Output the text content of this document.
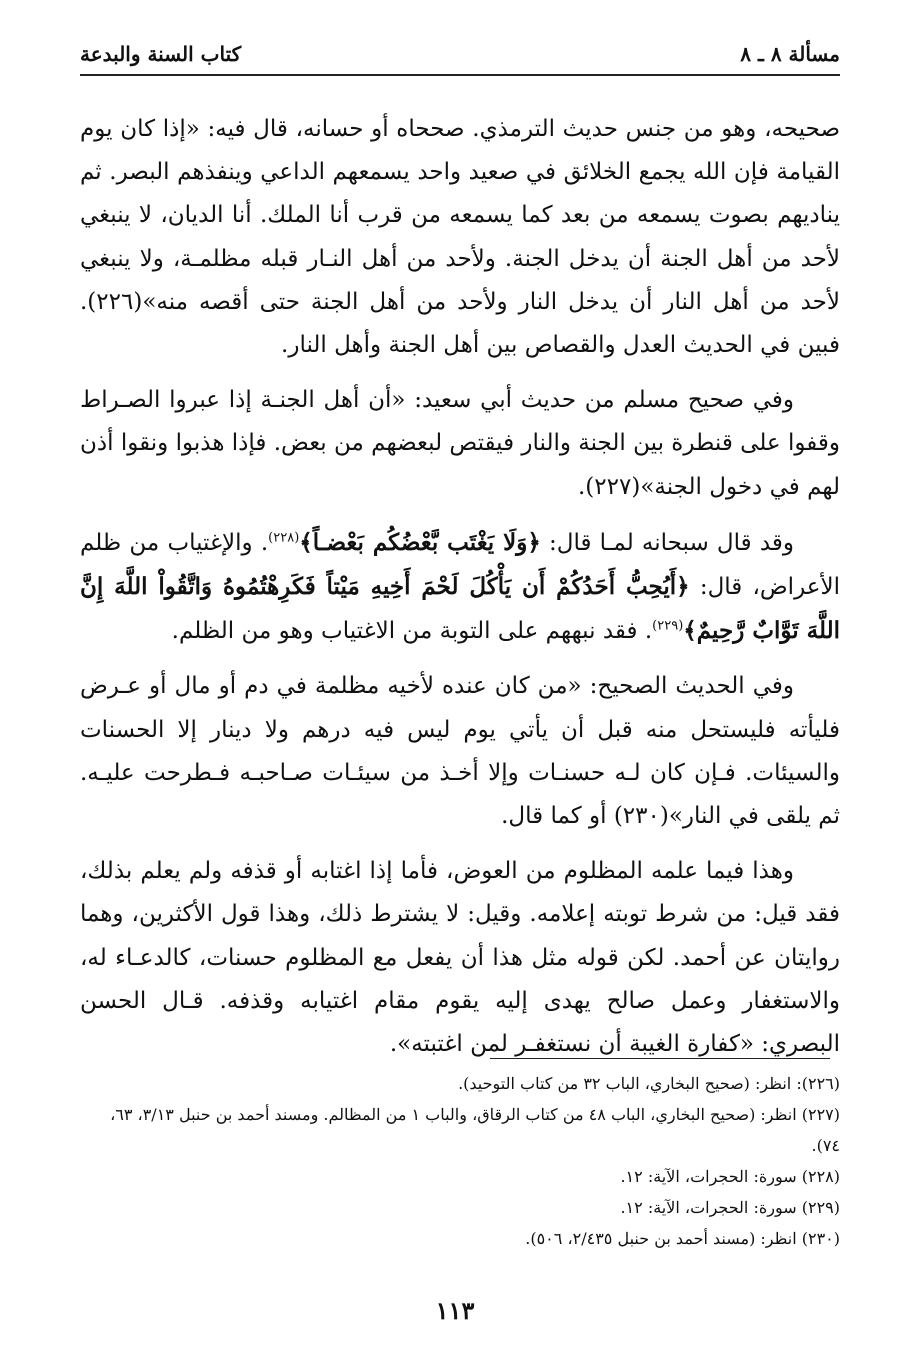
مسألة ٨ ـ ٨
كتاب السنة والبدعة

صحيحه، وهو من جنس حديث الترمذي. صححاه أو حسانه، قال فيه: «إذا كان يوم القيامة فإن الله يجمع الخلائق في صعيد واحد يسمعهم الداعي وينفذهم البصر. ثم يناديهم بصوت يسمعه من بعد كما يسمعه من قرب أنا الملك. أنا الديان، لا ينبغي لأحد من أهل الجنة أن يدخل الجنة. ولأحد من أهل النـار قبله مظلمـة، ولا ينبغي لأحد من أهل النار أن يدخل النار ولأحد من أهل الجنة حتى أقصه منه»(٢٢٦). فبين في الحديث العدل والقصاص بين أهل الجنة وأهل النار.

وفي صحيح مسلم من حديث أبي سعيد: «أن أهل الجنـة إذا عبروا الصـراط وقفوا على قنطرة بين الجنة والنار فيقتص لبعضهم من بعض. فإذا هذبوا ونقوا أذن لهم في دخول الجنة»(٢٢٧).

وقد قال سبحانه لمـا قال: ﴿وَلَا يَغْتَب بَّعْضُكُم بَعْضـاً﴾$^{(٢٢٨)}$. والإغتياب من ظلم الأعراض، قال: ﴿أَيُحِبُّ أَحَدُكُمْ أَن يَأْكُلَ لَحْمَ أَخِيهِ مَيْتاً فَكَرِهْتُمُوهُ وَاتَّقُواْ اللَّهَ إِنَّ اللَّهَ تَوَّابٌ رَّحِيمٌ﴾$^{(٢٢٩)}$. فقد نبههم على التوبة من الاغتياب وهو من الظلم.

وفي الحديث الصحيح: «من كان عنده لأخيه مظلمة في دم أو مال أو عـرض فليأته فليستحل منه قبل أن يأتي يوم ليس فيه درهم ولا دينار إلا الحسنات والسيئات. فـإن كان لـه حسنـات وإلا أخـذ من سيئـات صـاحبـه فـطرحت عليـه. ثم يلقى في النار»(٢٣٠) أو كما قال.

وهذا فيما علمه المظلوم من العوض، فأما إذا اغتابه أو قذفه ولم يعلم بذلك، فقد قيل: من شرط توبته إعلامه. وقيل: لا يشترط ذلك، وهذا قول الأكثرين، وهما روايتان عن أحمد. لكن قوله مثل هذا أن يفعل مع المظلوم حسنات، كالدعـاء له، والاستغفار وعمل صالح يهدى إليه يقوم مقام اغتيابه وقذفه. قـال الحسن البصري: «كفارة الغيبة أن نستغفـر لمن اغتبته».

(٢٢٦): انظر: (صحيح البخاري، الباب ٣٢ من كتاب التوحيد).
(٢٢٧) انظر: (صحيح البخاري، الباب ٤٨ من كتاب الرقاق، والباب ١ من المظالم. ومسند أحمد بن حنبل ٣/١٣، ٦٣، ٧٤).
(٢٢٨) سورة: الحجرات، الآية: ١٢.
(٢٢٩) سورة: الحجرات، الآية: ١٢.
(٢٣٠) انظر: (مسند أحمد بن حنبل ٢/٤٣٥، ٥٠٦).
١١٣
